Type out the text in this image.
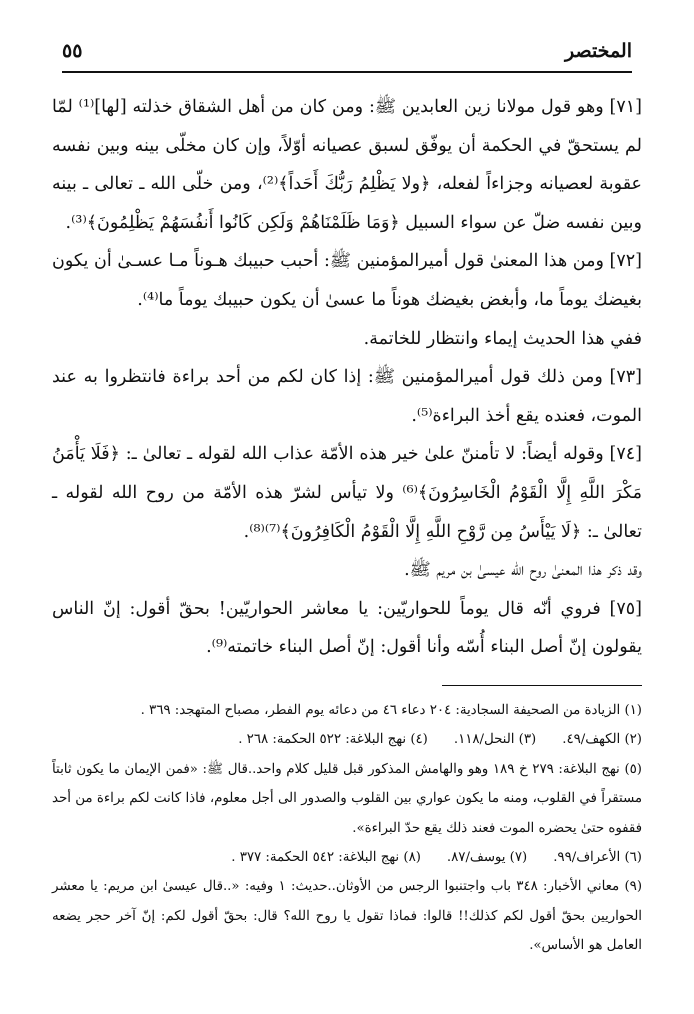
المختصر
٥٥

[٧١] وهو قول مولانا زين العابدين ﷺ: ومن كان من أهل الشقاق خذلته [لها]⁽¹⁾ لمّا لم يستحقّ في الحكمة أن يوفّق لسبق عصيانه أوّلاً، وإن كان مخلّى بينه وبين نفسه عقوبة لعصيانه وجزاءاً لفعله، ﴿ولا يَظْلِمُ رَبُّكَ أَحَداً﴾⁽²⁾، ومن خلّى الله ـ تعالى ـ بينه وبين نفسه ضلّ عن سواء السبيل ﴿وَمَا ظَلَمْنَاهُمْ وَلَكِن كَانُوا أَنفُسَهُمْ يَظْلِمُونَ﴾⁽³⁾.

[٧٢] ومن هذا المعنىٰ قول أميرالمؤمنين ﷺ: أحبب حبيبك هـوناً مـا عسـىٰ أن يكون بغيضك يوماً ما، وأبغض بغيضك هوناً ما عسىٰ أن يكون حبيبك يوماً ما⁽⁴⁾.

ففي هذا الحديث إيماء وانتظار للخاتمة.

[٧٣] ومن ذلك قول أميرالمؤمنين ﷺ: إذا كان لكم من أحد براءة فانتظروا به عند الموت، فعنده يقع أخذ البراءة⁽⁵⁾.

[٧٤] وقوله أيضاً: لا تأمننّ علىٰ خير هذه الأمّة عذاب الله لقوله ـ تعالىٰ ـ: ﴿فَلَا يَأْمَنُ مَكْرَ اللَّهِ إِلَّا الْقَوْمُ الْخَاسِرُونَ﴾⁽⁶⁾ ولا تيأس لشرّ هذه الأمّة من روح الله لقوله ـ تعالىٰ ـ: ﴿لَا يَيْأَسُ مِن رَّوْحِ اللَّهِ إِلَّا الْقَوْمُ الْكَافِرُونَ﴾⁽⁷⁾⁽⁸⁾.

وقد ذكر هذا المعنىٰ روح الله عيسىٰ بن مريم ﷺ.

[٧٥] فروي أنّه قال يوماً للحواريّين: يا معاشر الحواريّين! بحقّ أقول: إنّ الناس يقولون إنّ أصل البناء أُسّه وأنا أقول: إنّ أصل البناء خاتمته⁽⁹⁾.

(١) الزيادة من الصحيفة السجادية: ٢٠٤ دعاء ٤٦ من دعائه يوم الفطر، مصباح المتهجد: ٣٦٩ .

(٢) الكهف/٤٩.
(٣) النحل/١١٨.
(٤) نهج البلاغة: ٥٢٢ الحكمة: ٢٦٨ .

(٥) نهج البلاغة: ٢٧٩ خ ١٨٩ وهو والهامش المذكور قبل قليل كلام واحد..قال ﷺ: «فمن الإيمان ما يكون ثابتاً مستقراً في القلوب، ومنه ما يكون عواري بين القلوب والصدور الى أجل معلوم، فاذا كانت لكم براءة من أحد فقفوه حتىٰ يحضره الموت فعند ذلك يقع حدّ البراءة».

(٦) الأعراف/٩٩.
(٧) يوسف/٨٧.
(٨) نهج البلاغة: ٥٤٢ الحكمة: ٣٧٧ .

(٩) معاني الأخبار: ٣٤٨ باب واجتنبوا الرجس من الأوثان..حديث: ١ وفيه: «..قال عيسىٰ ابن مريم: يا معشر الحواريين بحقّ أقول لكم كذلك!! قالوا: فماذا تقول يا روح الله؟ قال: بحقّ أقول لكم: إنّ آخر حجر يضعه العامل هو الأساس».
